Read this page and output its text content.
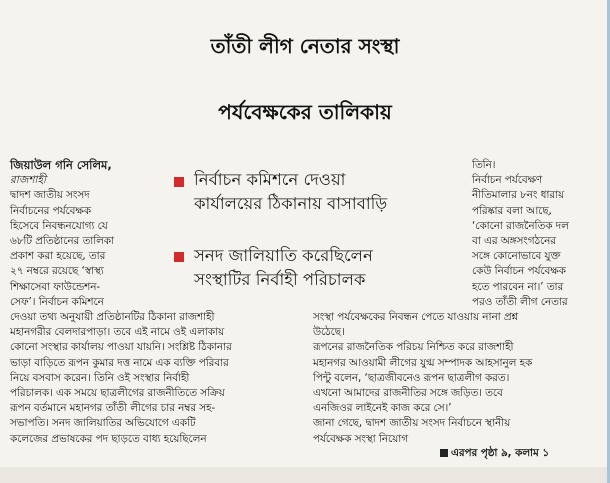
তাঁতী লীগ নেতার সংস্থা
পর্যবেক্ষকের তালিকায়

জিয়াউল গনি সেলিম,

রাজশাহী

দ্বাদশ জাতীয় সংসদ

নির্বাচনের পর্যবেক্ষক

হিসেবে নিবন্ধনযোগ্য যে

৬৮টি প্রতিষ্ঠানের তালিকা

প্রকাশ করা হয়েছে, তার

২৭ নম্বরে রয়েছে ‘স্বাস্থ্য

শিক্ষাসেবা ফাউন্ডেশন-

সেফ’। নির্বাচন কমিশনে

নির্বাচন কমিশনে দেওয়া

কার্যালয়ের ঠিকানায় বাসাবাড়ি

সনদ জালিয়াতি করেছিলেন

সংস্থাটির নির্বাহী পরিচালক

তিনি।

নির্বাচন পর্যবেক্ষণ

নীতিমালার ৮নং ধারায়

পরিষ্কার বলা আছে,

‘কোনো রাজনৈতিক দল

বা এর অঙ্গসংগঠনের

সঙ্গে কোনোভাবে যুক্ত

কেউ নির্বাচন পর্যবেক্ষক

হতে পারবেন না।’ তার

পরও তাঁতী লীগ নেতার

দেওয়া তথ্য অনুযায়ী প্রতিষ্ঠানটির ঠিকানা রাজশাহী

মহানগরীর বেলদারপাড়া। তবে এই নামে ওই এলাকায়

কোনো সংস্থার কার্যালয় পাওয়া যায়নি। সংশ্লিষ্ট ঠিকানার

ভাড়া বাড়িতে রূপন কুমার দত্ত নামে এক ব্যক্তি পরিবার

নিয়ে বসবাস করেন। তিনি ওই সংস্থার নির্বাহী

পরিচালক। এক সময়ে ছাত্রলীগের রাজনীতিতে সক্রিয়

রূপন বর্তমানে মহানগর তাঁতী লীগের চার নম্বর সহ-

সভাপতি। সনদ জালিয়াতির অভিযোগে একটি

কলেজের প্রভাষকের পদ ছাড়তে বাধ্য হয়েছিলেন

সংস্থা পর্যবেক্ষকের নিবন্ধন পেতে যাওয়ায় নানা প্রশ্ন

উঠেছে।

রূপনের রাজনৈতিক পরিচয় নিশ্চিত করে রাজশাহী

মহানগর আওয়ামী লীগের যুগ্ম সম্পাদক আহসানুল হক

পিন্টু বলেন, ‘ছাত্রজীবনেও রূপন ছাত্রলীগ করত।

এখনো আমাদের রাজনীতির সঙ্গে জড়িত। তবে

এনজিওর লাইনেই কাজ করে সে।’

জানা গেছে, দ্বাদশ জাতীয় সংসদ নির্বাচনে স্থানীয়

পর্যবেক্ষক সংস্থা নিয়োগ

এরপর পৃষ্ঠা ৯, কলাম ১
